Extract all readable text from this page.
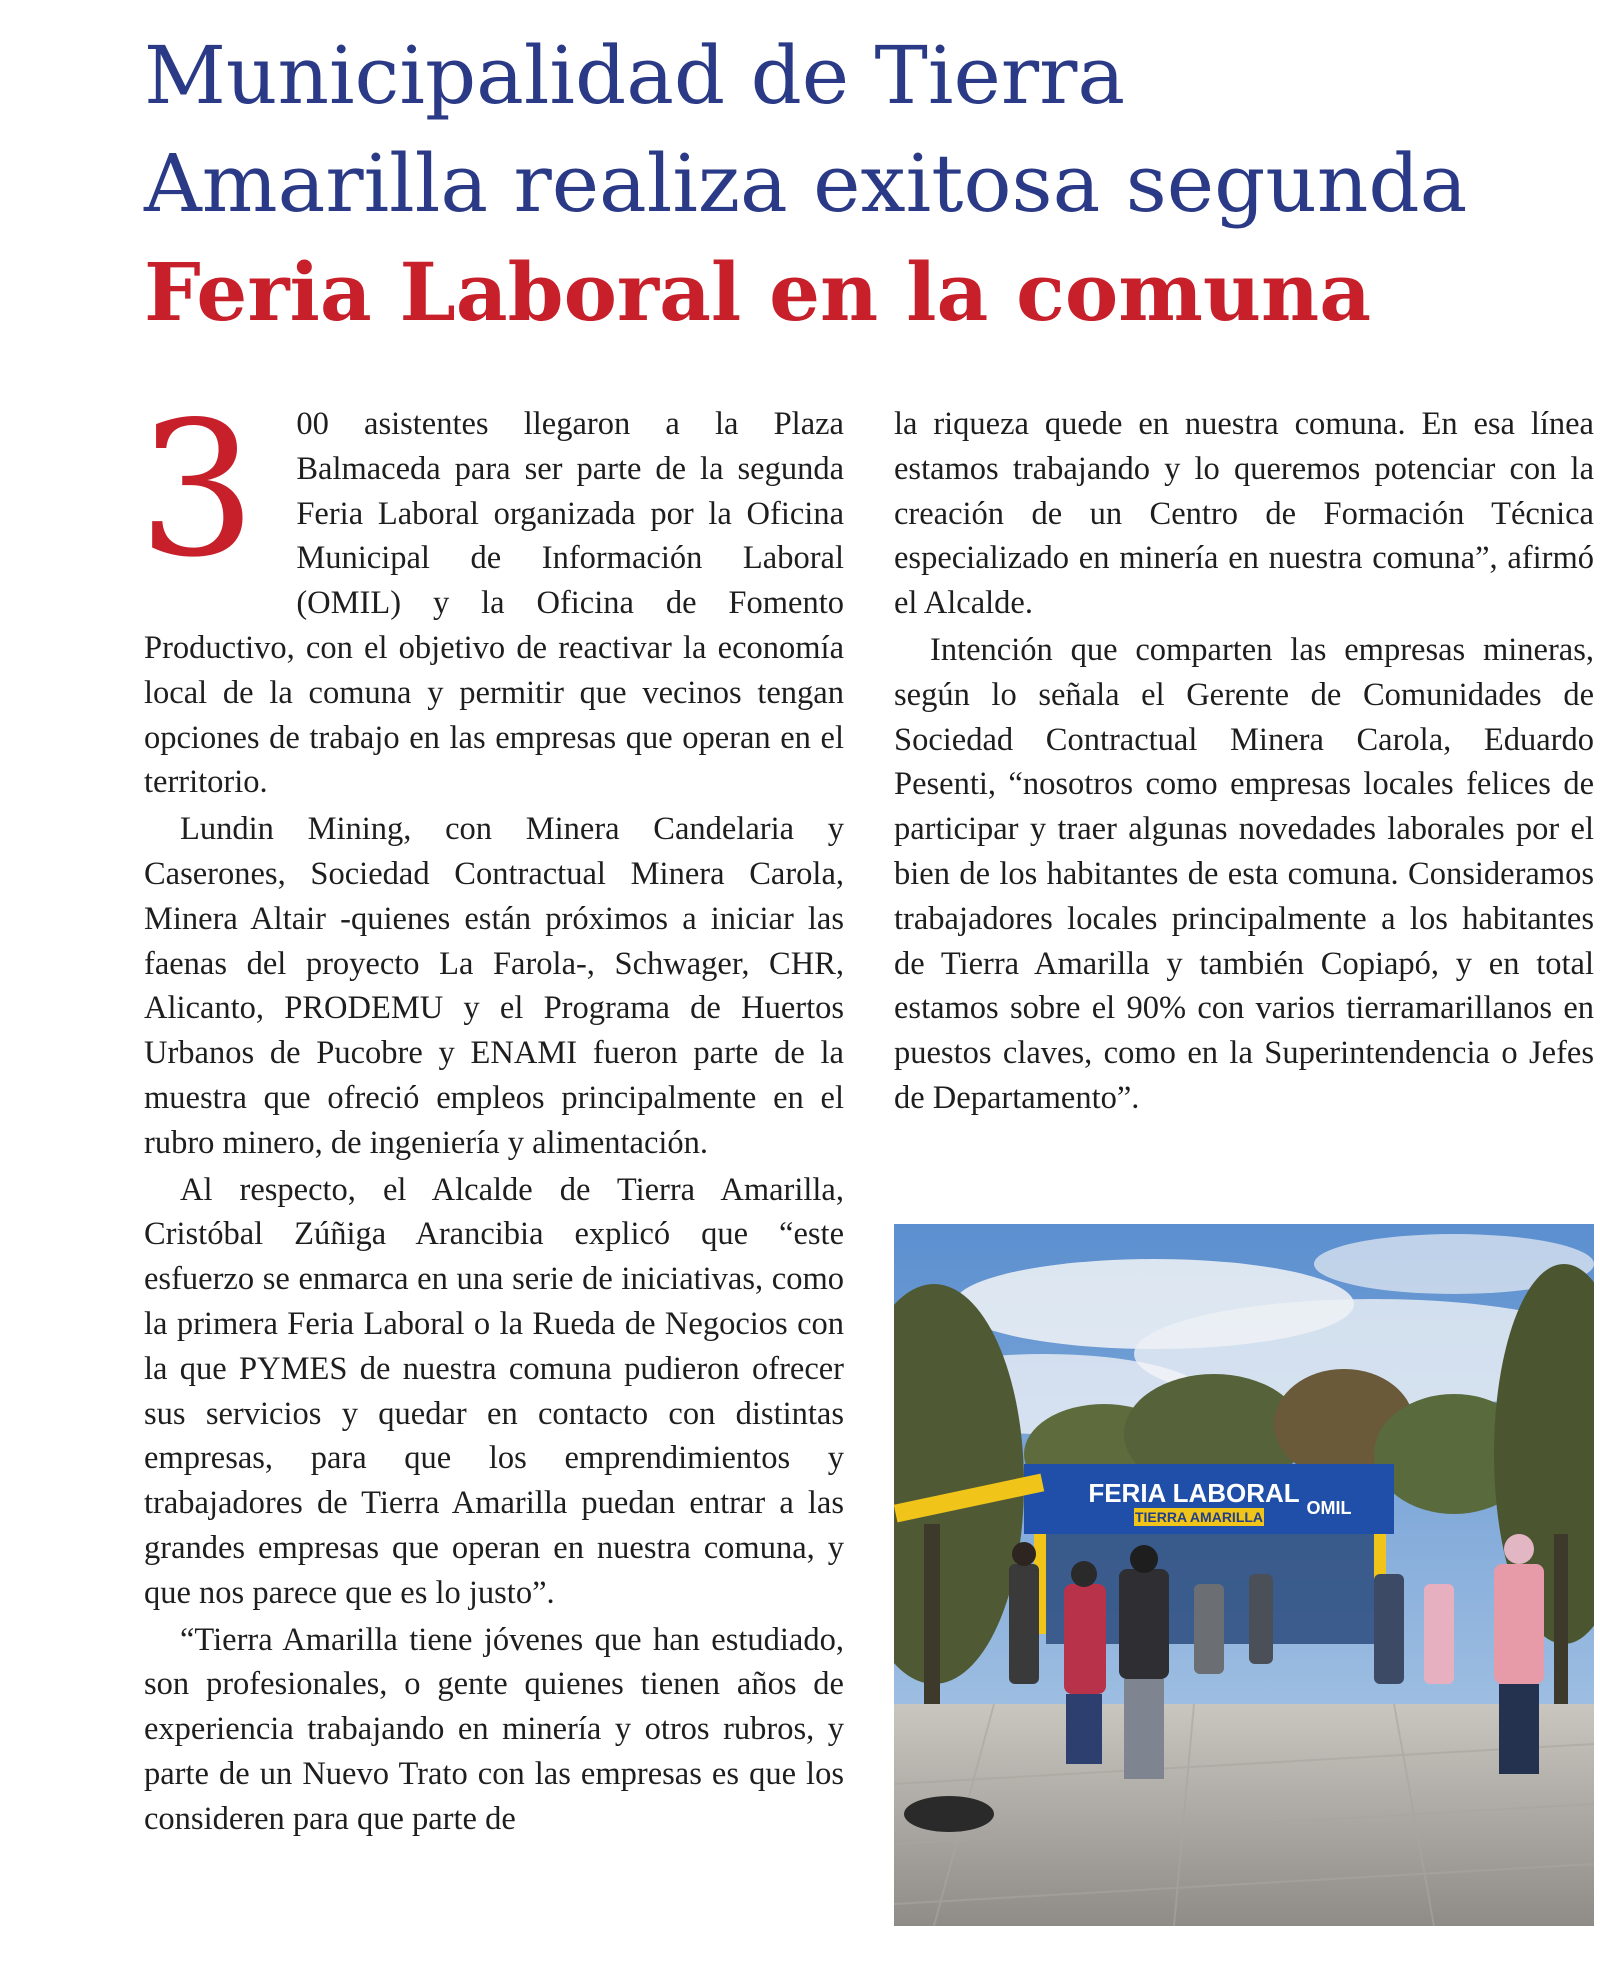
Municipalidad de Tierra
Amarilla realiza exitosa segunda
Feria Laboral en la comuna

3 00 asistentes llegaron a la Plaza Balmaceda para ser parte de la segunda Feria Laboral organizada por la Oficina Municipal de Información Laboral (OMIL) y la Oficina de Fomento Productivo, con el objetivo de reactivar la economía local de la comuna y permitir que vecinos tengan opciones de trabajo en las empresas que operan en el territorio.

Lundin Mining, con Minera Candelaria y Caserones, Sociedad Contractual Minera Carola, Minera Altair -quienes están próximos a iniciar las faenas del proyecto La Farola-, Schwager, CHR, Alicanto, PRODEMU y el Programa de Huertos Urbanos de Pucobre y ENAMI fueron parte de la muestra que ofreció empleos principalmente en el rubro minero, de ingeniería y alimentación.

Al respecto, el Alcalde de Tierra Amarilla, Cristóbal Zúñiga Arancibia explicó que “este esfuerzo se enmarca en una serie de iniciativas, como la primera Feria Laboral o la Rueda de Negocios con la que PYMES de nuestra comuna pudieron ofrecer sus servicios y quedar en contacto con distintas empresas, para que los emprendimientos y trabajadores de Tierra Amarilla puedan entrar a las grandes empresas que operan en nuestra comuna, y que nos parece que es lo justo”.

“Tierra Amarilla tiene jóvenes que han estudiado, son profesionales, o gente quienes tienen años de experiencia trabajando en minería y otros rubros, y parte de un Nuevo Trato con las empresas es que los consideren para que parte de

la riqueza quede en nuestra comuna. En esa línea estamos trabajando y lo queremos potenciar con la creación de un Centro de Formación Técnica especializado en minería en nuestra comuna”, afirmó el Alcalde.

Intención que comparten las empresas mineras, según lo señala el Gerente de Comunidades de Sociedad Contractual Minera Carola, Eduardo Pesenti, “nosotros como empresas locales felices de participar y traer algunas novedades laborales por el bien de los habitantes de esta comuna. Consideramos trabajadores locales principalmente a los habitantes de Tierra Amarilla y también Copiapó, y en total estamos sobre el 90% con varios tierramarillanos en puestos claves, como en la Superintendencia o Jefes de Departamento”.

FERIA LABORAL
TIERRA AMARILLA OMIL
